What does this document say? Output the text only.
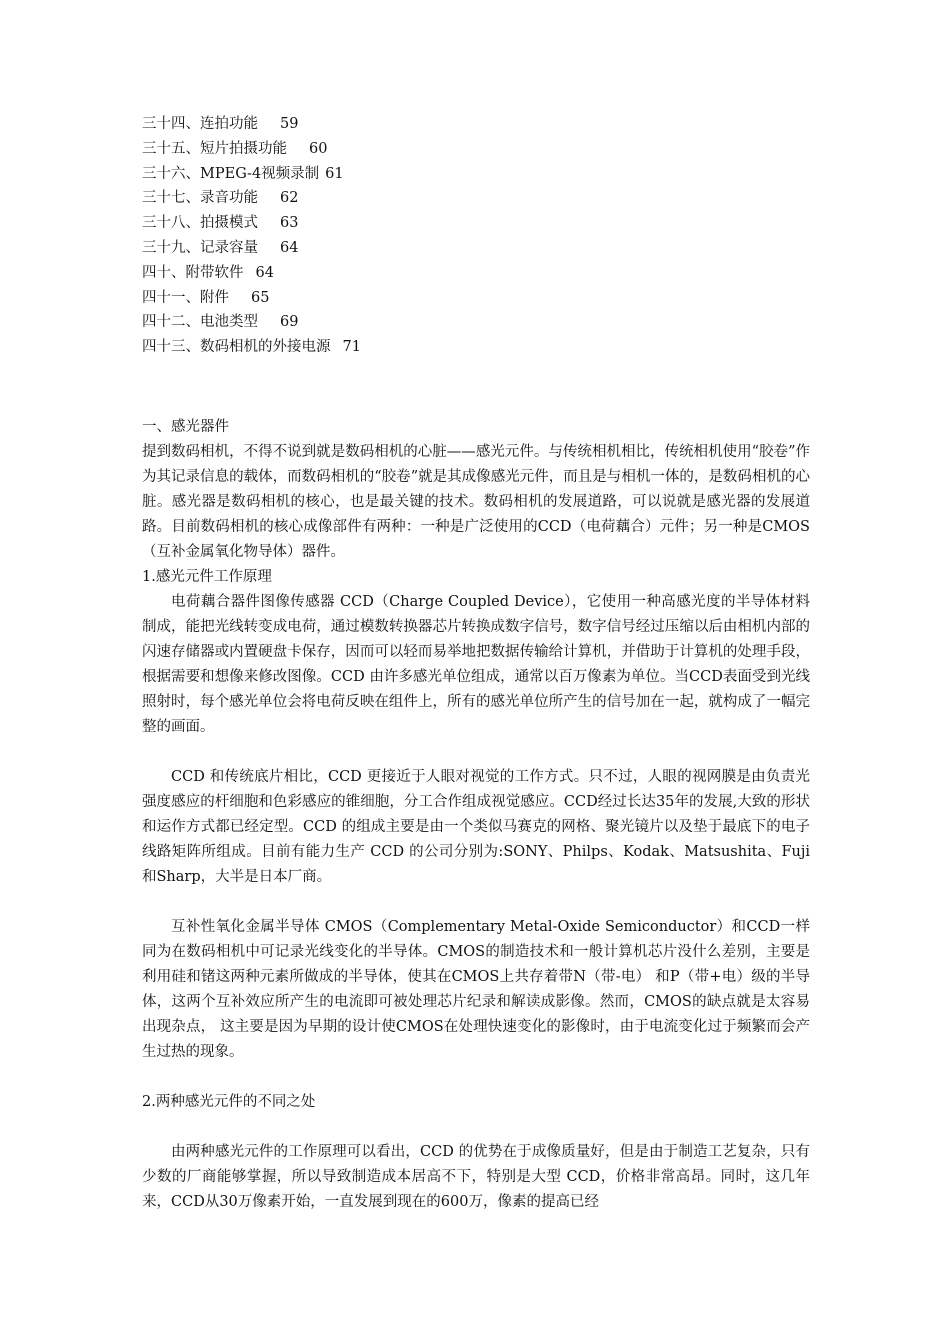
三十四、连拍功能 59
三十五、短片拍摄功能 60
三十六、MPEG-4视频录制 61
三十七、录音功能 62
三十八、拍摄模式 63
三十九、记录容量 64
四十、附带软件 64
四十一、附件 65
四十二、电池类型 69
四十三、数码相机的外接电源 71
一、感光器件

提到数码相机，不得不说到就是数码相机的心脏——感光元件。与传统相机相比，传统相机使用“胶卷”作为其记录信息的载体，而数码相机的“胶卷”就是其成像感光元件，而且是与相机一体的，是数码相机的心脏。感光器是数码相机的核心，也是最关键的技术。数码相机的发展道路，可以说就是感光器的发展道路。目前数码相机的核心成像部件有两种：一种是广泛使用的CCD（电荷藕合）元件；另一种是CMOS（互补金属氧化物导体）器件。

1.感光元件工作原理

电荷藕合器件图像传感器 CCD（Charge Coupled Device），它使用一种高感光度的半导体材料制成，能把光线转变成电荷，通过模数转换器芯片转换成数字信号，数字信号经过压缩以后由相机内部的闪速存储器或内置硬盘卡保存，因而可以轻而易举地把数据传输给计算机，并借助于计算机的处理手段，根据需要和想像来修改图像。CCD 由许多感光单位组成，通常以百万像素为单位。当CCD表面受到光线照射时，每个感光单位会将电荷反映在组件上，所有的感光单位所产生的信号加在一起，就构成了一幅完整的画面。

CCD 和传统底片相比，CCD 更接近于人眼对视觉的工作方式。只不过，人眼的视网膜是由负责光强度感应的杆细胞和色彩感应的锥细胞，分工合作组成视觉感应。CCD经过长达35年的发展,大致的形状和运作方式都已经定型。CCD 的组成主要是由一个类似马赛克的网格、聚光镜片以及垫于最底下的电子线路矩阵所组成。目前有能力生产 CCD 的公司分别为:SONY、Philps、Kodak、Matsushita、Fuji和Sharp，大半是日本厂商。

互补性氧化金属半导体 CMOS（Complementary Metal-Oxide Semiconductor）和CCD一样同为在数码相机中可记录光线变化的半导体。CMOS的制造技术和一般计算机芯片没什么差别，主要是利用硅和锗这两种元素所做成的半导体，使其在CMOS上共存着带N（带-电） 和P（带+电）级的半导体，这两个互补效应所产生的电流即可被处理芯片纪录和解读成影像。然而，CMOS的缺点就是太容易出现杂点， 这主要是因为早期的设计使CMOS在处理快速变化的影像时，由于电流变化过于频繁而会产生过热的现象。

2.两种感光元件的不同之处

由两种感光元件的工作原理可以看出，CCD 的优势在于成像质量好，但是由于制造工艺复杂，只有少数的厂商能够掌握，所以导致制造成本居高不下，特别是大型 CCD，价格非常高昂。同时，这几年来，CCD从30万像素开始，一直发展到现在的600万，像素的提高已经
